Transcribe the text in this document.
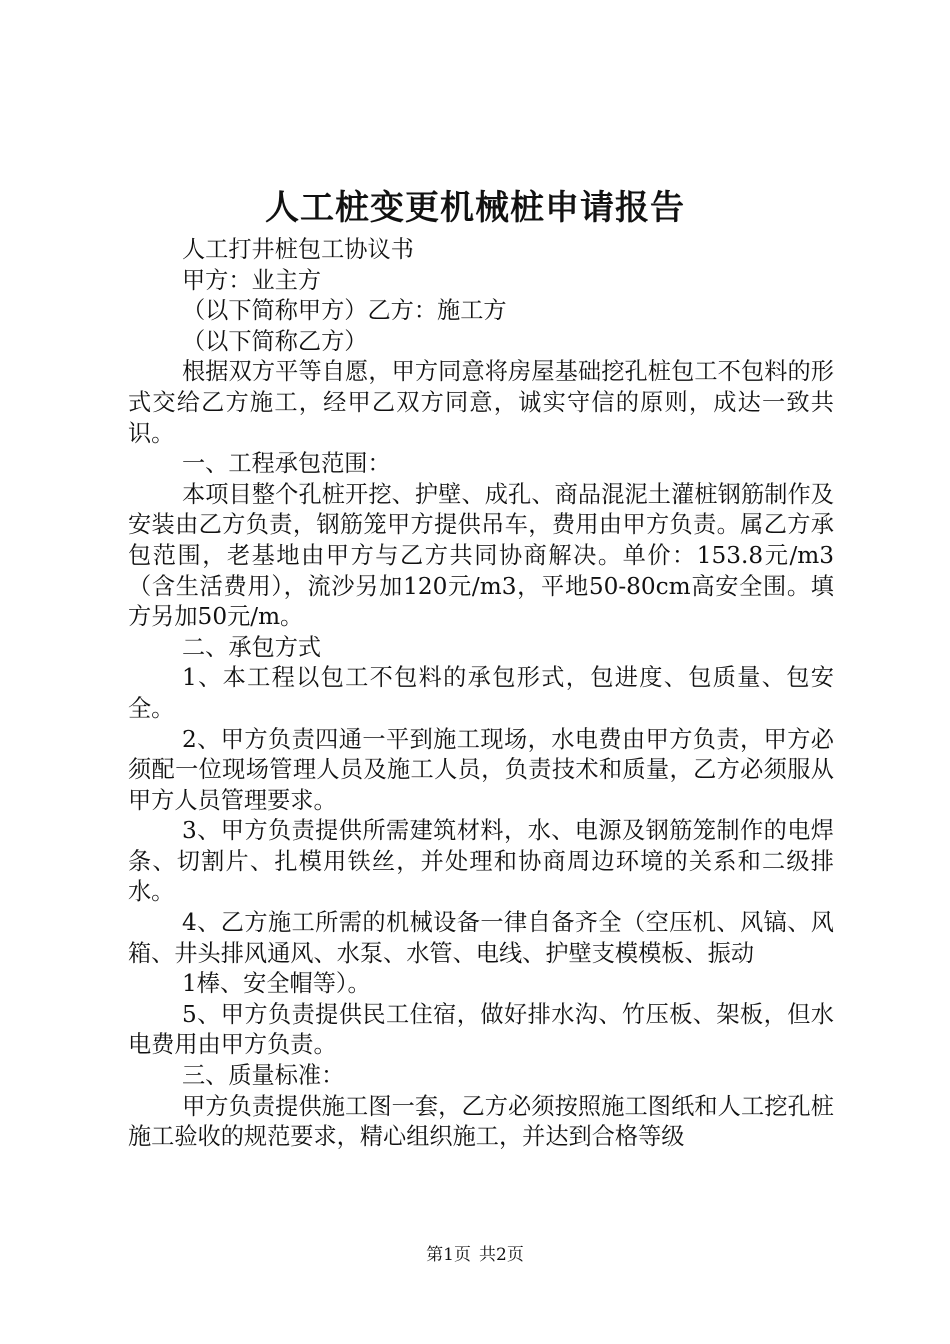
人工桩变更机械桩申请报告

人工打井桩包工协议书

甲方：业主方

（以下简称甲方）乙方：施工方

（以下简称乙方）

根据双方平等自愿，甲方同意将房屋基础挖孔桩包工不包料的形式交给乙方施工，经甲乙双方同意，诚实守信的原则，成达一致共识。

一、工程承包范围：

本项目整个孔桩开挖、护壁、成孔、商品混泥土灌桩钢筋制作及安装由乙方负责，钢筋笼甲方提供吊车，费用由甲方负责。属乙方承包范围，老基地由甲方与乙方共同协商解决。单价：153.8元/m3（含生活费用），流沙另加120元/m3，平地50-80cm高安全围。填方另加50元/m。

二、承包方式

1、本工程以包工不包料的承包形式，包进度、包质量、包安全。

2、甲方负责四通一平到施工现场，水电费由甲方负责，甲方必须配一位现场管理人员及施工人员，负责技术和质量，乙方必须服从甲方人员管理要求。

3、甲方负责提供所需建筑材料，水、电源及钢筋笼制作的电焊条、切割片、扎模用铁丝，并处理和协商周边环境的关系和二级排水。

4、乙方施工所需的机械设备一律自备齐全（空压机、风镐、风箱、井头排风通风、水泵、水管、电线、护壁支模模板、振动

1棒、安全帽等）。

5、甲方负责提供民工住宿，做好排水沟、竹压板、架板，但水电费用由甲方负责。

三、质量标准：

甲方负责提供施工图一套，乙方必须按照施工图纸和人工挖孔桩施工验收的规范要求，精心组织施工，并达到合格等级

第1页 共2页
